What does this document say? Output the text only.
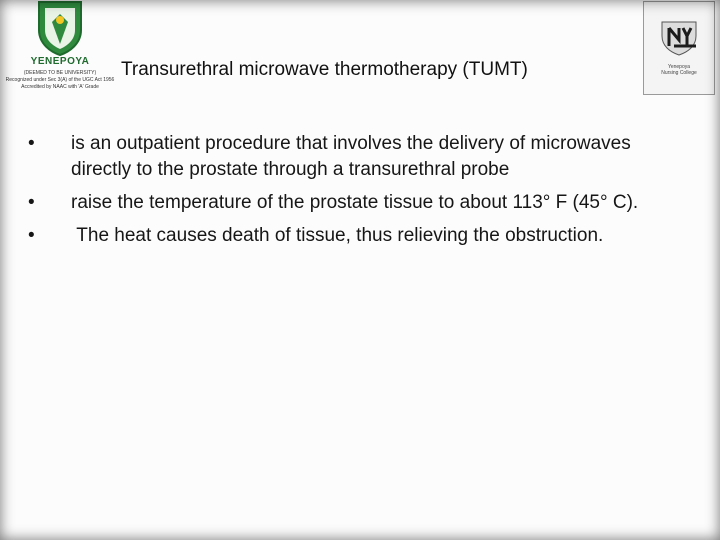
YENEPOYA
(DEEMED TO BE UNIVERSITY)
Recognized under Sec 3(A) of the UGC Act 1956
Accredited by NAAC with 'A' Grade
Yenepoya
Nursing College
Transurethral microwave thermotherapy (TUMT)
•	is an outpatient procedure that involves the delivery of microwaves directly to the prostate through a transurethral probe
•	raise the temperature of the prostate tissue to about 113° F (45° C).
•	The heat causes death of tissue, thus relieving the obstruction.
